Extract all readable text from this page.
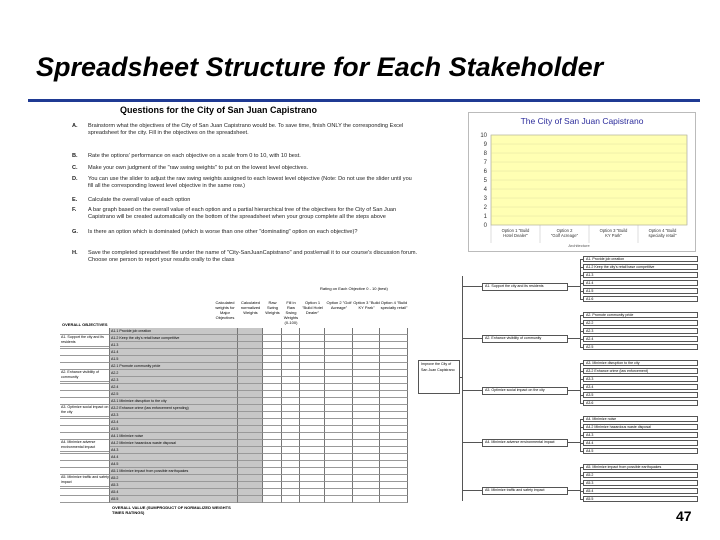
Spreadsheet Structure for Each Stakeholder
Questions for the City of San Juan Capistrano
A. Brainstorm what the objectives of the City of San Juan Capistrano would be. To save time, finish ONLY the corresponding Excel spreadsheet for the city. Fill in the objectives on the spreadsheet.
B. Rate the options' performance on each objective on a scale from 0 to 10, with 10 best.
C. Make your own judgment of the "raw swing weights" to put on the lowest level objectives.
D. You can use the slider to adjust the raw swing weights assigned to each lowest level objective (Note: Do not use the slider until you fill all the corresponding lowest level objective in the same row.)
E. Calculate the overall value of each option
F. A bar graph based on the overall value of each option and a partial hierarchical tree of the objectives for the City of San Juan Capistrano will be created automatically on the bottom of the spreadsheet when your group complete all the steps above
G. Is there an option which is dominated (which is worse than one other "dominating" option on each objective)?
H. Save the completed spreadsheet file under the name of "City-SanJuanCapistrano" and post/email it to our course's discussion forum. Choose one person to report your results orally to the class
The City of San Juan Capistrano
0
1
2
3
4
5
6
7
8
9
10
Option 1 "Build Hotel Dealer"
Option 2 "Golf Acreage"
Option 3 "Build KY Park"
Option 4 "Build specialty retail"
Architecture
Rating on Each Objective 0 - 10 (best)
Calculated weights for Major Objectives
Calculated normalized Weights
Raw Swing Weights
Fill in Raw Swing Weights (0-100)
Option 1 "Build Hotel Dealer"
Option 2 "Golf Acreage"
Option 3 "Build KY Park"
Option 4 "Build specialty retail"
OVERALL OBJECTIVES
A1.1 Provide job creation
A1. Support the city and its residents
A1.2 Keep the city's retail base competitive
A1.3
A1.4
A1.5
A2.1 Promote community pride
A2. Enhance visibility of community
A2.2
A2.3
A2.4
A2.5
A3.1 Minimize disruption to the city
A3. Optimize social impact on the city
A3.2 Enhance crime (law enforcement spending)
A3.3
A3.4
A3.5
A4.1 Minimize noise
A4. Minimize adverse environmental impact
A4.2 Minimize hazardous waste disposal
A4.3
A4.4
A4.5
A5.1 Minimize impact from possible earthquakes
A5. Minimize traffic and safety impact
A5.2
A5.3
A5.4
A5.5
OVERALL VALUE (SUMPRODUCT OF NORMALIZED WEIGHTS TIMES RATINGS)
Improve the City of San Juan Capistrano
A1. Support the city and its residents
A1. Provide job creation
A1.2 Keep the city's retail base competitive
A1.3
A1.4
A1.5
A1.6
A2. Enhance visibility of community
A2. Promote community pride
A2.2
A2.3
A2.4
A2.5
A3. Optimize social impact on the city
A3. Minimize disruption to the city
A3.2 Enhance crime (law enforcement)
A3.3
A3.4
A3.5
A3.6
A4. Minimize adverse environmental impact
A4. Minimize noise
A4.2 Minimize hazardous waste disposal
A4.3
A4.4
A4.5
A5. Minimize traffic and safety impact
A5. Minimize impact from possible earthquakes
A5.2
A5.3
A5.4
A5.5
47
